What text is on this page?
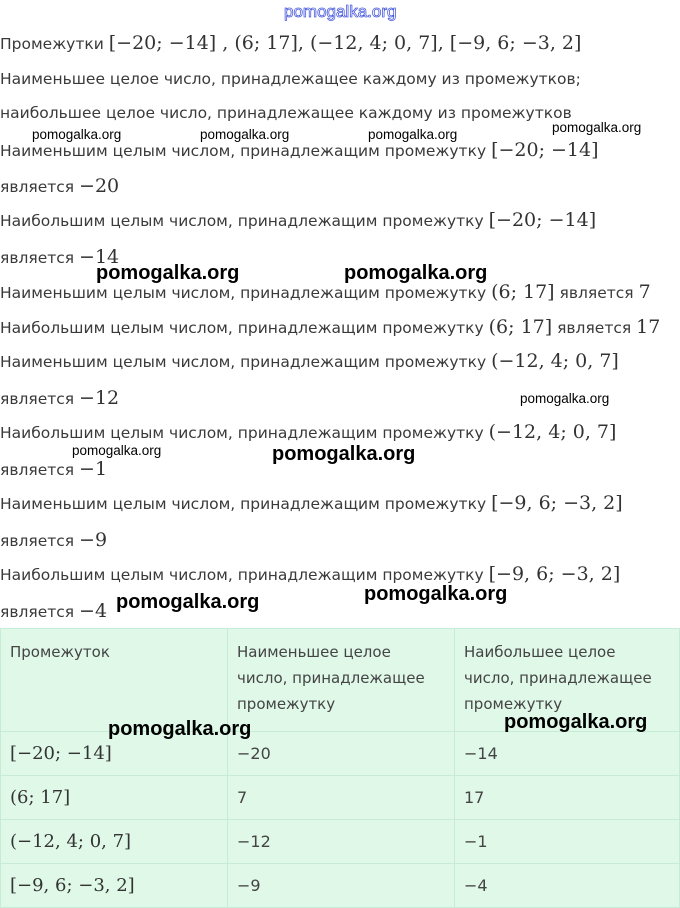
pomogalka.org
Промежутки [−20; −14] , (6; 17], (−12, 4; 0, 7], [−9, 6; −3, 2]
Наименьшее целое число, принадлежащее каждому из промежутков;
наибольшее целое число, принадлежащее каждому из промежутков
Наименьшим целым числом, принадлежащим промежутку [−20; −14]
является −20
Наибольшим целым числом, принадлежащим промежутку [−20; −14]
является −14
Наименьшим целым числом, принадлежащим промежутку (6; 17] является 7
Наибольшим целым числом, принадлежащим промежутку (6; 17] является 17
Наименьшим целым числом, принадлежащим промежутку (−12, 4; 0, 7]
является −12
Наибольшим целым числом, принадлежащим промежутку (−12, 4; 0, 7]
является −1
Наименьшим целым числом, принадлежащим промежутку [−9, 6; −3, 2]
является −9
Наибольшим целым числом, принадлежащим промежутку [−9, 6; −3, 2]
является −4
Промежуток	Наименьшее целое число, принадлежащее промежутку	Наибольшее целое число, принадлежащее промежутку
[−20; −14]	−20	−14
(6; 17]	7	17
(−12, 4; 0, 7]	−12	−1
[−9, 6; −3, 2]	−9	−4
pomogalka.org	pomogalka.org	pomogalka.org	pomogalka.org
pomogalka.org	pomogalka.org
pomogalka.org
pomogalka.org	pomogalka.org
pomogalka.org	pomogalka.org
pomogalka.org	pomogalka.org
